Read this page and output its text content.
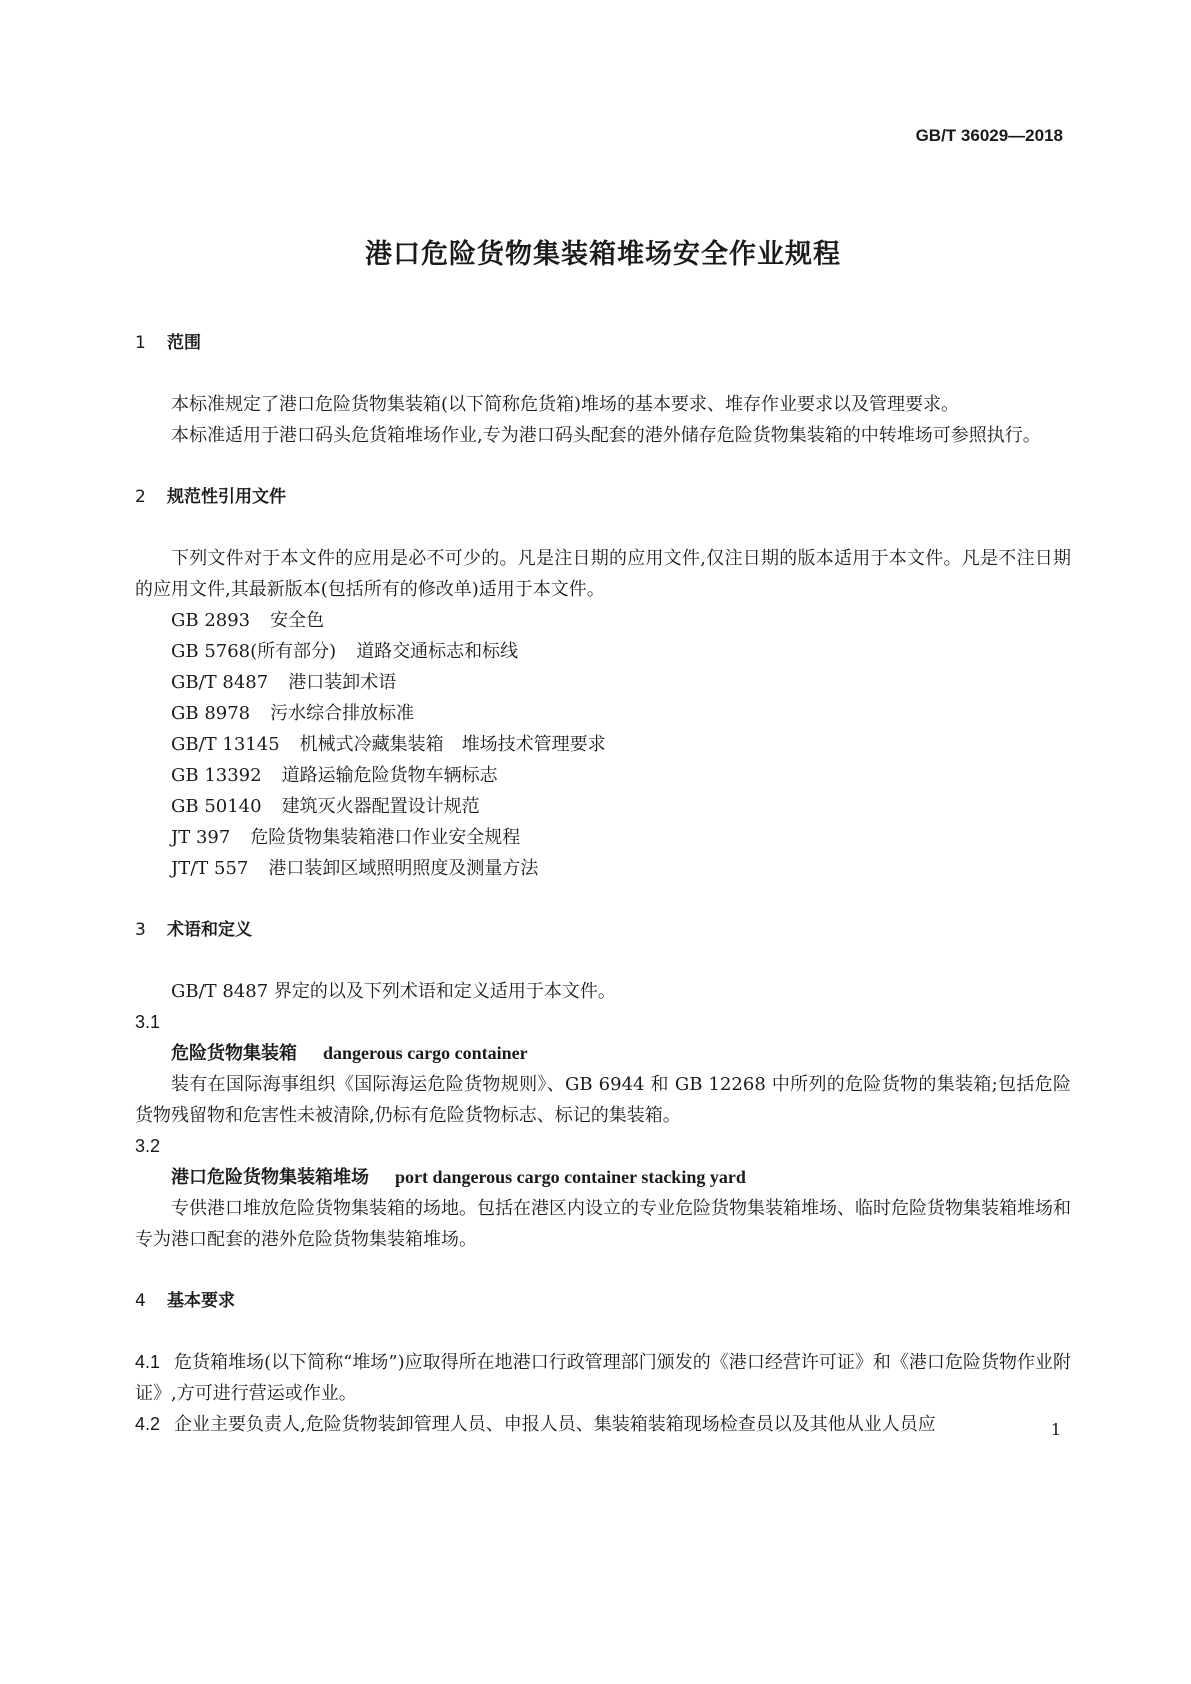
GB/T 36029—2018
港口危险货物集装箱堆场安全作业规程
1 范围

本标准规定了港口危险货物集装箱(以下简称危货箱)堆场的基本要求、堆存作业要求以及管理要求。

本标准适用于港口码头危货箱堆场作业,专为港口码头配套的港外储存危险货物集装箱的中转堆场可参照执行。

2 规范性引用文件

下列文件对于本文件的应用是必不可少的。凡是注日期的应用文件,仅注日期的版本适用于本文件。凡是不注日期的应用文件,其最新版本(包括所有的修改单)适用于本文件。

GB 2893 安全色
GB 5768(所有部分) 道路交通标志和标线
GB/T 8487 港口装卸术语
GB 8978 污水综合排放标准
GB/T 13145 机械式冷藏集装箱　堆场技术管理要求
GB 13392 道路运输危险货物车辆标志
GB 50140 建筑灭火器配置设计规范
JT 397 危险货物集装箱港口作业安全规程
JT/T 557 港口装卸区域照明照度及测量方法
3 术语和定义

GB/T 8487 界定的以及下列术语和定义适用于本文件。

3.1
危险货物集装箱 dangerous cargo container

装有在国际海事组织《国际海运危险货物规则》、GB 6944 和 GB 12268 中所列的危险货物的集装箱;包括危险货物残留物和危害性未被清除,仍标有危险货物标志、标记的集装箱。

3.2
港口危险货物集装箱堆场 port dangerous cargo container stacking yard

专供港口堆放危险货物集装箱的场地。包括在港区内设立的专业危险货物集装箱堆场、临时危险货物集装箱堆场和专为港口配套的港外危险货物集装箱堆场。

4 基本要求

4.1 危货箱堆场(以下简称“堆场”)应取得所在地港口行政管理部门颁发的《港口经营许可证》和《港口危险货物作业附证》,方可进行营运或作业。

4.2 企业主要负责人,危险货物装卸管理人员、申报人员、集装箱装箱现场检查员以及其他从业人员应	1
